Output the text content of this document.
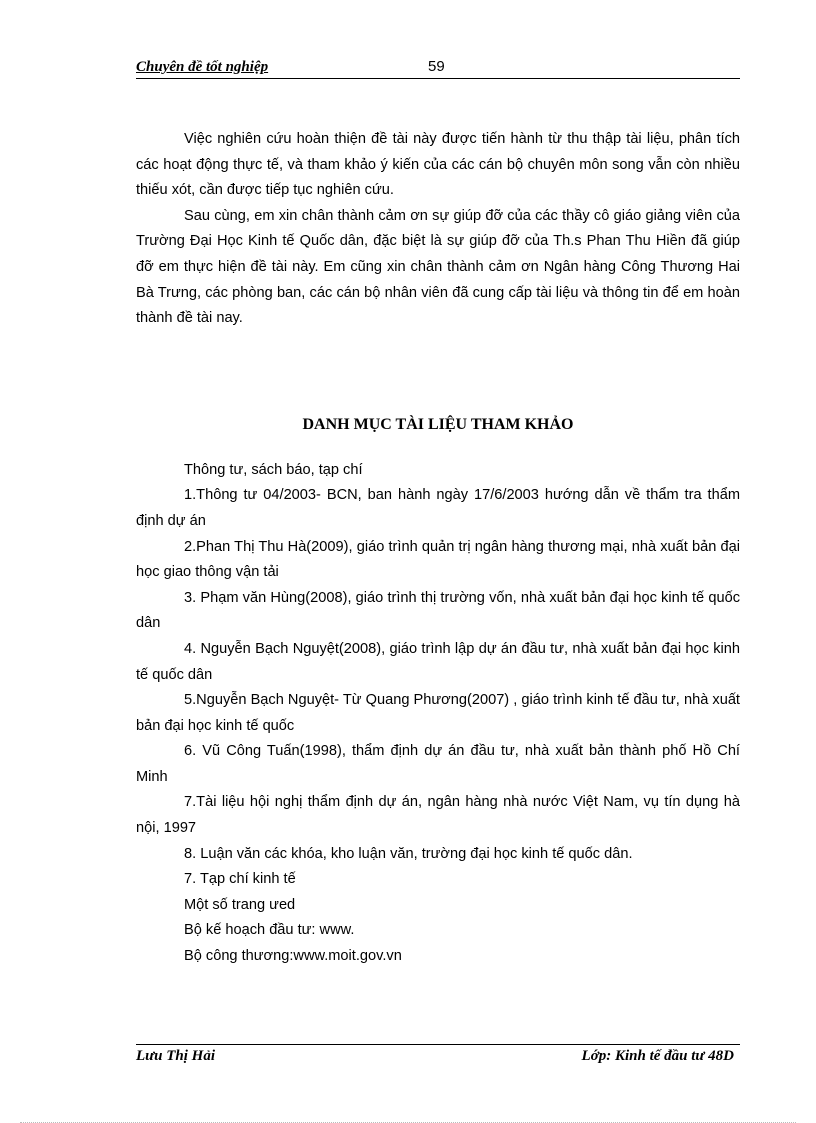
Chuyên đề tốt nghiệp	59

Việc nghiên cứu hoàn thiện đề tài này được tiến hành từ thu thập tài liệu, phân tích các hoạt động thực tế, và tham khảo ý kiến của các cán bộ chuyên môn song vẫn còn nhiều thiếu xót, cần được tiếp tục nghiên cứu.

Sau cùng, em xin chân thành cảm ơn sự giúp đỡ của các thầy cô giáo giảng viên của Trường Đại Học Kinh tế Quốc dân, đặc biệt là sự giúp đỡ của Th.s Phan Thu Hiền đã giúp đỡ em thực hiện đề tài này. Em cũng xin chân thành cảm ơn Ngân hàng Công Thương Hai Bà Trưng, các phòng ban, các cán bộ nhân viên đã cung cấp tài liệu và thông tin để em hoàn thành đề tài nay.

DANH MỤC TÀI LIỆU THAM KHẢO

Thông tư, sách báo, tạp chí

1.Thông tư 04/2003- BCN, ban hành ngày 17/6/2003 hướng dẫn về thẩm tra thẩm định dự án

2.Phan Thị Thu Hà(2009), giáo trình quản trị ngân hàng thương mại, nhà xuất bản đại học giao thông vận tải

3. Phạm văn Hùng(2008), giáo trình thị trường vốn, nhà xuất bản đại học kinh tế quốc dân

4. Nguyễn Bạch Nguyệt(2008), giáo trình lập dự án đầu tư, nhà xuất bản đại học kinh tế quốc dân

5.Nguyễn Bạch Nguyệt- Từ Quang Phương(2007) , giáo trình kinh tế đầu tư, nhà xuất bản đại học kinh tế quốc

6. Vũ Công Tuấn(1998), thẩm định dự án đầu tư, nhà xuất bản thành phố Hồ Chí Minh

7.Tài liệu hội nghị thẩm định dự án, ngân hàng nhà nước Việt Nam, vụ tín dụng hà nội, 1997

8. Luận văn các khóa, kho luận văn, trường đại học kinh tế quốc dân.

7. Tạp chí kinh tế

Một số trang ưed

Bộ kế hoạch đầu tư: www.

Bộ công thương:www.moit.gov.vn

Lưu Thị Hải	Lớp: Kinh tế đầu tư 48D
